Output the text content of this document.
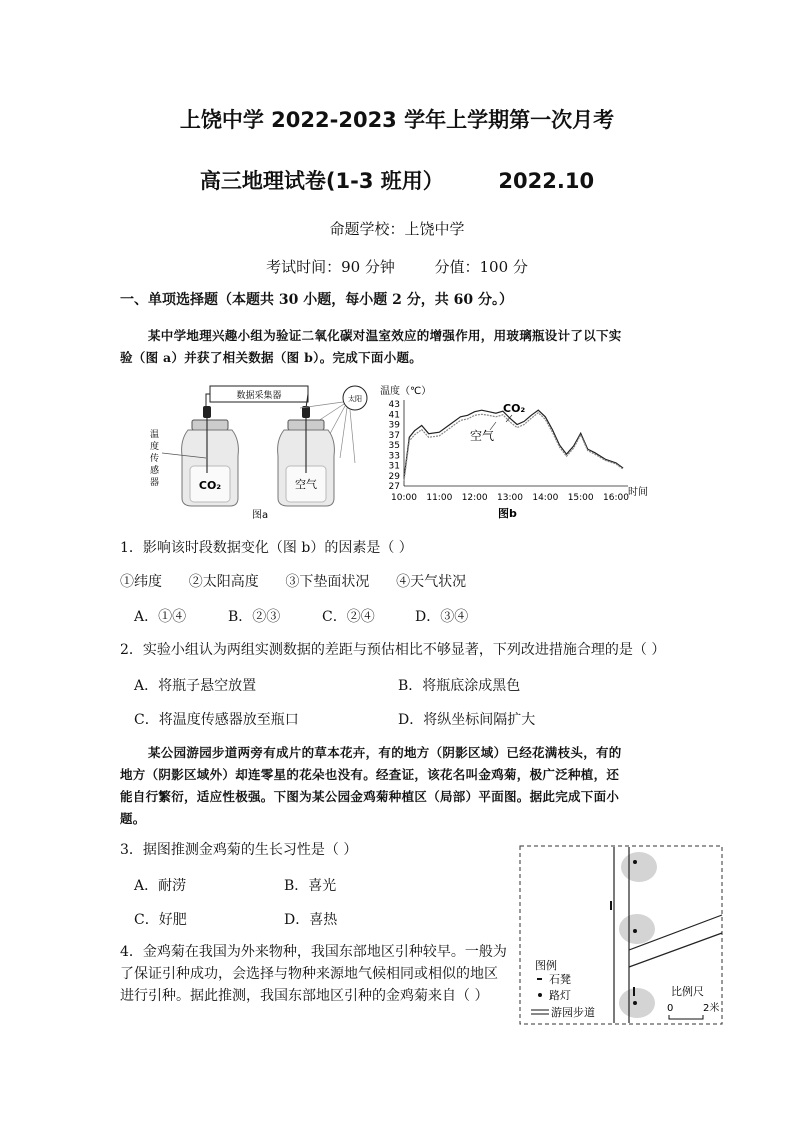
上饶中学 2022-2023 学年上学期第一次月考
高三地理试卷(1-3 班用）	2022.10
命题学校：上饶中学
考试时间：90 分钟	分值：100 分
一、单项选择题（本题共 30 小题，每小题 2 分，共 60 分。）
某中学地理兴趣小组为验证二氧化碳对温室效应的增强作用，用玻璃瓶设计了以下实
验（图 a）并获了相关数据（图 b）。完成下面小题。
数据采集器	太阳
CO₂	空气
温
度
传
感
器
图a
温度（℃）
43
41
39
37
35
33
31
29
27
10:00 11:00 12:00 13:00 14:00 15:00 16:00
CO₂
空气
时间
图b
1．影响该时段数据变化（图 b）的因素是（ ）
①纬度      ②太阳高度      ③下垫面状况      ④天气状况
A．①④	B．②③	C．②④	D．③④
2．实验小组认为两组实测数据的差距与预估相比不够显著，下列改进措施合理的是（ ）
A．将瓶子悬空放置	B．将瓶底涂成黑色
C．将温度传感器放至瓶口	D．将纵坐标间隔扩大
某公园游园步道两旁有成片的草本花卉，有的地方（阴影区域）已经花满枝头，有的
地方（阴影区域外）却连零星的花朵也没有。经查证，该花名叫金鸡菊，极广泛种植，还
能自行繁衍，适应性极强。下图为某公园金鸡菊种植区（局部）平面图。据此完成下面小
题。
3．据图推测金鸡菊的生长习性是（ ）
A．耐涝	B．喜光
C．好肥	D．喜热
4．金鸡菊在我国为外来物种，我国东部地区引种较早。一般为
了保证引种成功，会选择与物种来源地气候相同或相似的地区
进行引种。据此推测，我国东部地区引种的金鸡菊来自（ ）
图例
石凳
路灯
游园步道
比例尺
0	2米
